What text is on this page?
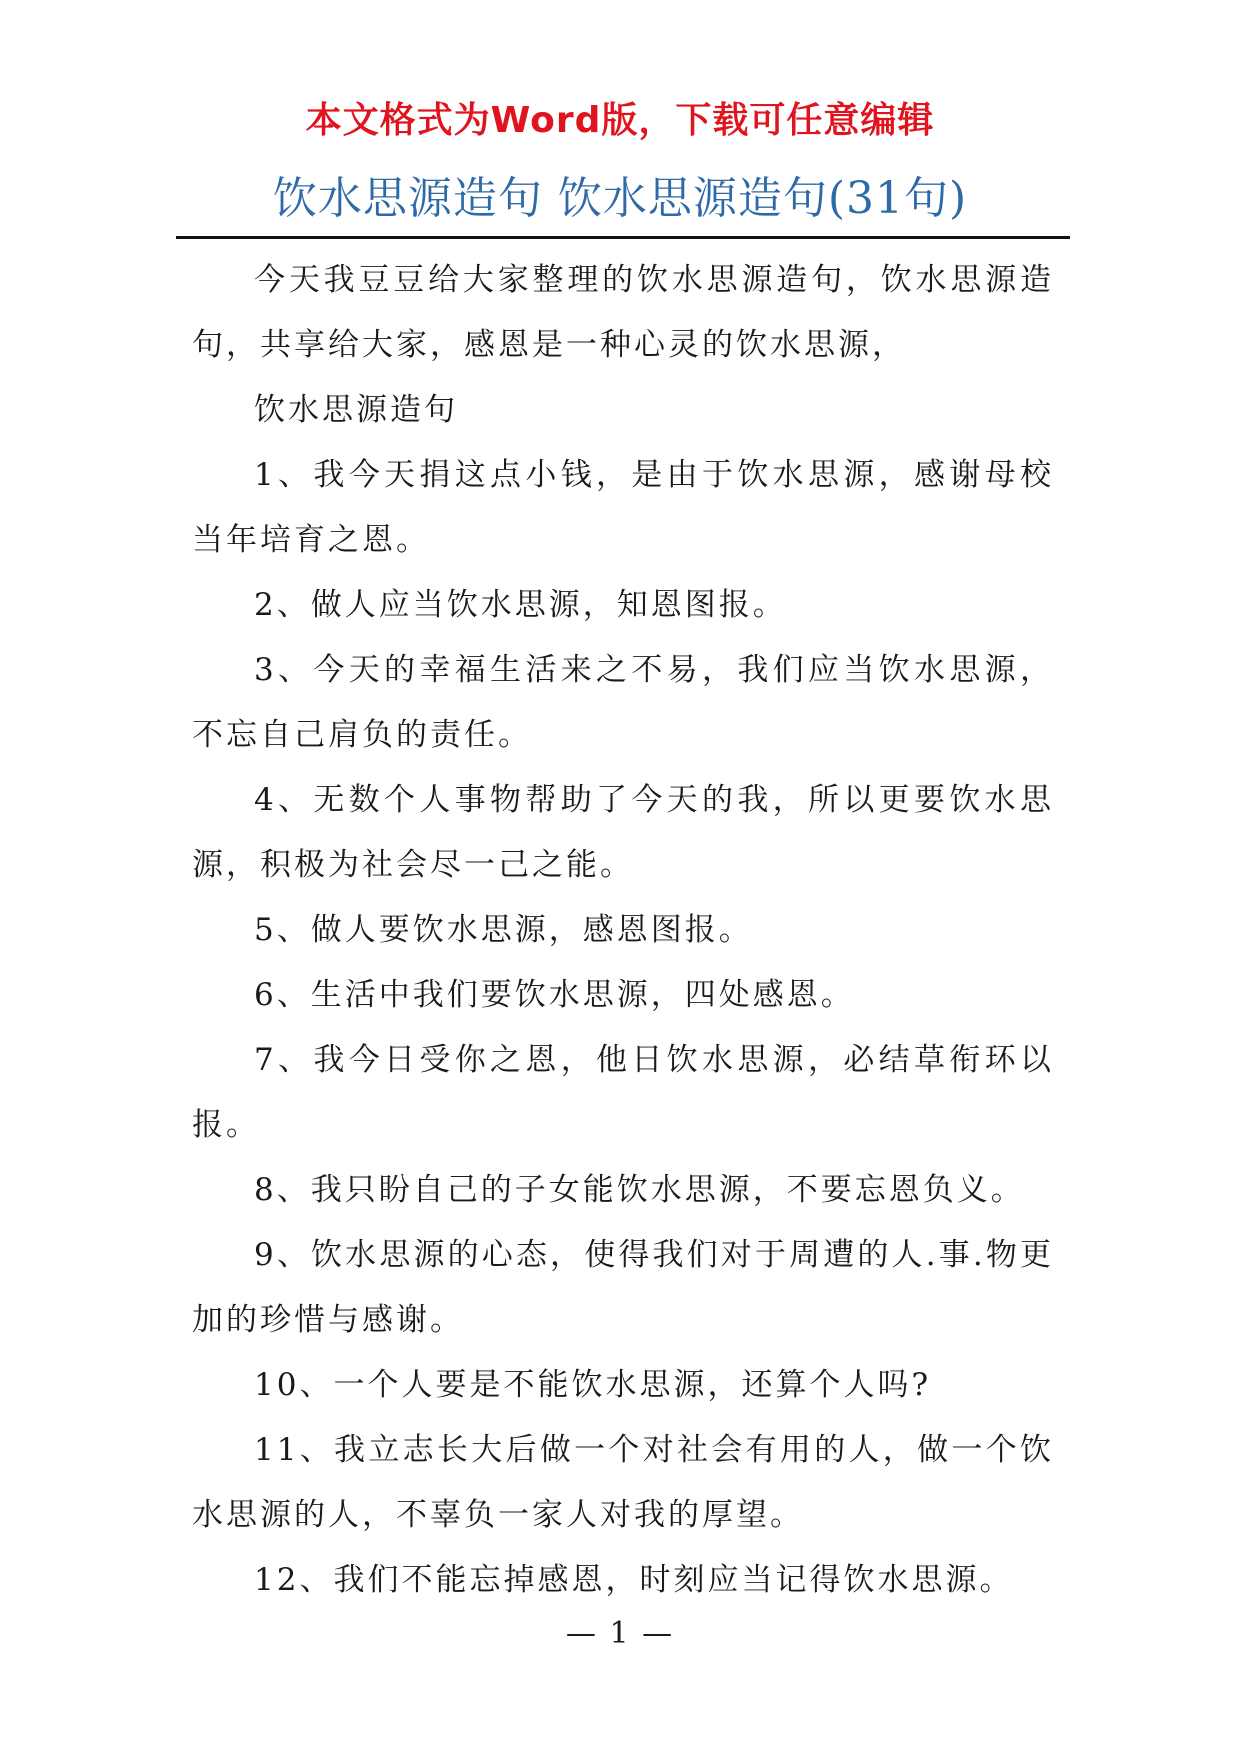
本文格式为Word版，下载可任意编辑
饮水思源造句 饮水思源造句(31句)

今天我豆豆给大家整理的饮水思源造句，饮水思源造句，共享给大家，感恩是一种心灵的饮水思源，

饮水思源造句

1、我今天捐这点小钱，是由于饮水思源，感谢母校当年培育之恩。

2、做人应当饮水思源，知恩图报。

3、今天的幸福生活来之不易，我们应当饮水思源，不忘自己肩负的责任。

4、无数个人事物帮助了今天的我，所以更要饮水思源，积极为社会尽一己之能。

5、做人要饮水思源，感恩图报。

6、生活中我们要饮水思源，四处感恩。

7、我今日受你之恩，他日饮水思源，必结草衔环以报。

8、我只盼自己的子女能饮水思源，不要忘恩负义。

9、饮水思源的心态，使得我们对于周遭的人.事.物更加的珍惜与感谢。

10、一个人要是不能饮水思源，还算个人吗?

11、我立志长大后做一个对社会有用的人，做一个饮水思源的人，不辜负一家人对我的厚望。

12、我们不能忘掉感恩，时刻应当记得饮水思源。

— 1 —
